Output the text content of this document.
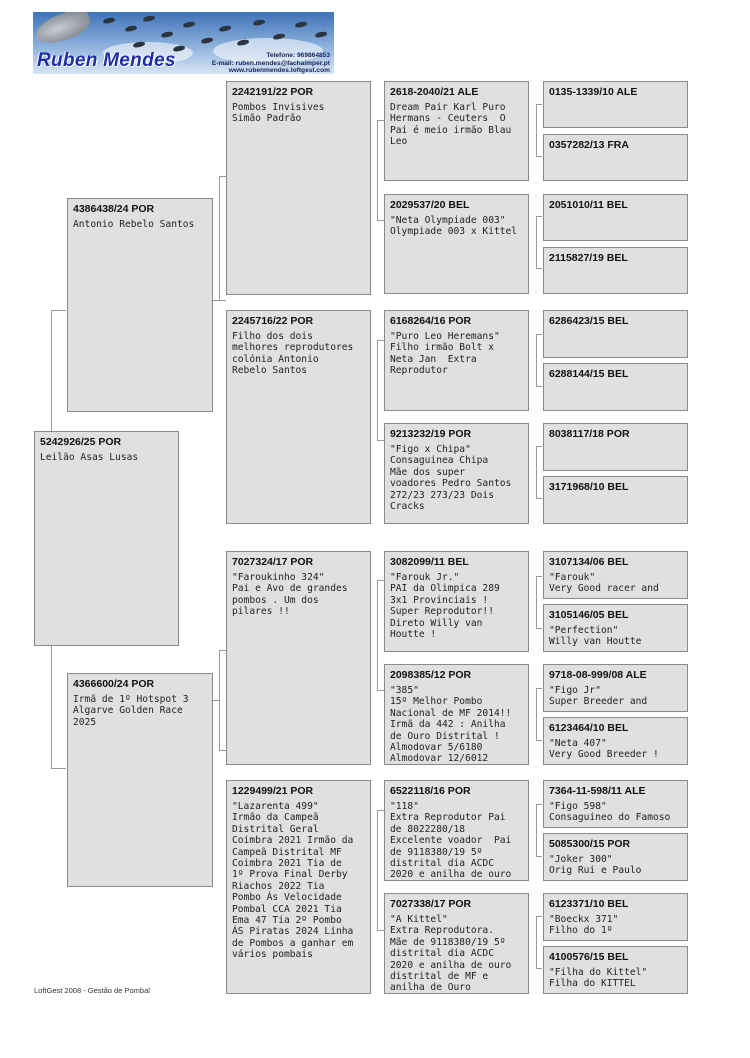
Ruben Mendes	Telefone: 969864853
E-mail: ruben.mendes@fachaimper.pt
www.rubenmendes.loftgest.com
5242926/25 POR
Leilão Asas Lusas
4386438/24 POR
Antonio Rebelo Santos
4366600/24 POR
Irmã de 1º Hotspot 3
Algarve Golden Race
2025
2242191/22 POR
Pombos Invisives
Simão Padrão
2245716/22 POR
Filho dos dois
melhores reprodutores
colónia Antonio
Rebelo Santos
7027324/17 POR
"Faroukinho 324"
Pai e Avo de grandes
pombos . Um dos
pilares !!
1229499/21 POR
"Lazarenta 499"
Irmão da Campeã
Distrital Geral
Coimbra 2021 Irmão da
Campeã Distrital MF
Coimbra 2021 Tia de
1º Prova Final Derby
Riachos 2022 Tia
Pombo Ás Velocidade
Pombal CCA 2021 Tia
Ema 47 Tia 2º Pombo
ÁS Piratas 2024 Linha
de Pombos a ganhar em
vários pombais
2618-2040/21 ALE
Dream Pair Karl Puro
Hermans - Ceuters  O
Pai é meio irmão Blau
Leo
2029537/20 BEL
"Neta Olympiade 003"
Olympiade 003 x Kittel
6168264/16 POR
"Puro Leo Heremans"
Filho irmão Bolt x
Neta Jan  Extra
Reprodutor
9213232/19 POR
"Figo x Chipa"
Consaguinea Chipa
Mãe dos super
voadores Pedro Santos
272/23 273/23 Dois
Cracks
3082099/11 BEL
"Farouk Jr."
PAI da Olimpica 289
3x1 Provinciais !
Super Reprodutor!!
Direto Willy van
Houtte !
2098385/12 POR
"385"
15º Melhor Pombo
Nacional de MF 2014!!
Irmã da 442 : Anilha
de Ouro Distrital !
Almodovar 5/6180
Almodovar 12/6012
6522118/16 POR
"118"
Extra Reprodutor Pai
de 8022280/18
Excelente voador  Pai
de 9118380/19 5º
distrital dia ACDC
2020 e anilha de ouro
7027338/17 POR
"A Kittel"
Extra Reprodutora.
Mãe de 9118380/19 5º
distrital dia ACDC
2020 e anilha de ouro
distrital de MF e
anilha de Ouro
0135-1339/10 ALE
0357282/13 FRA
2051010/11 BEL
2115827/19 BEL
6286423/15 BEL
6288144/15 BEL
8038117/18 POR
3171968/10 BEL
3107134/06 BEL
"Farouk"
Very Good racer and
3105146/05 BEL
"Perfection"
Willy van Houtte
9718-08-999/08 ALE
"Figo Jr"
Super Breeder and
6123464/10 BEL
"Neta 407"
Very Good Breeder !
7364-11-598/11 ALE
"Figo 598"
Consaguineo do Famoso
5085300/15 POR
"Joker 300"
Orig Rui e Paulo
6123371/10 BEL
"Boeckx 371"
Filho do 1º
4100576/15 BEL
"Filha do Kittel"
Filha do KITTEL
LoftGest 2008 - Gestão de Pombal
